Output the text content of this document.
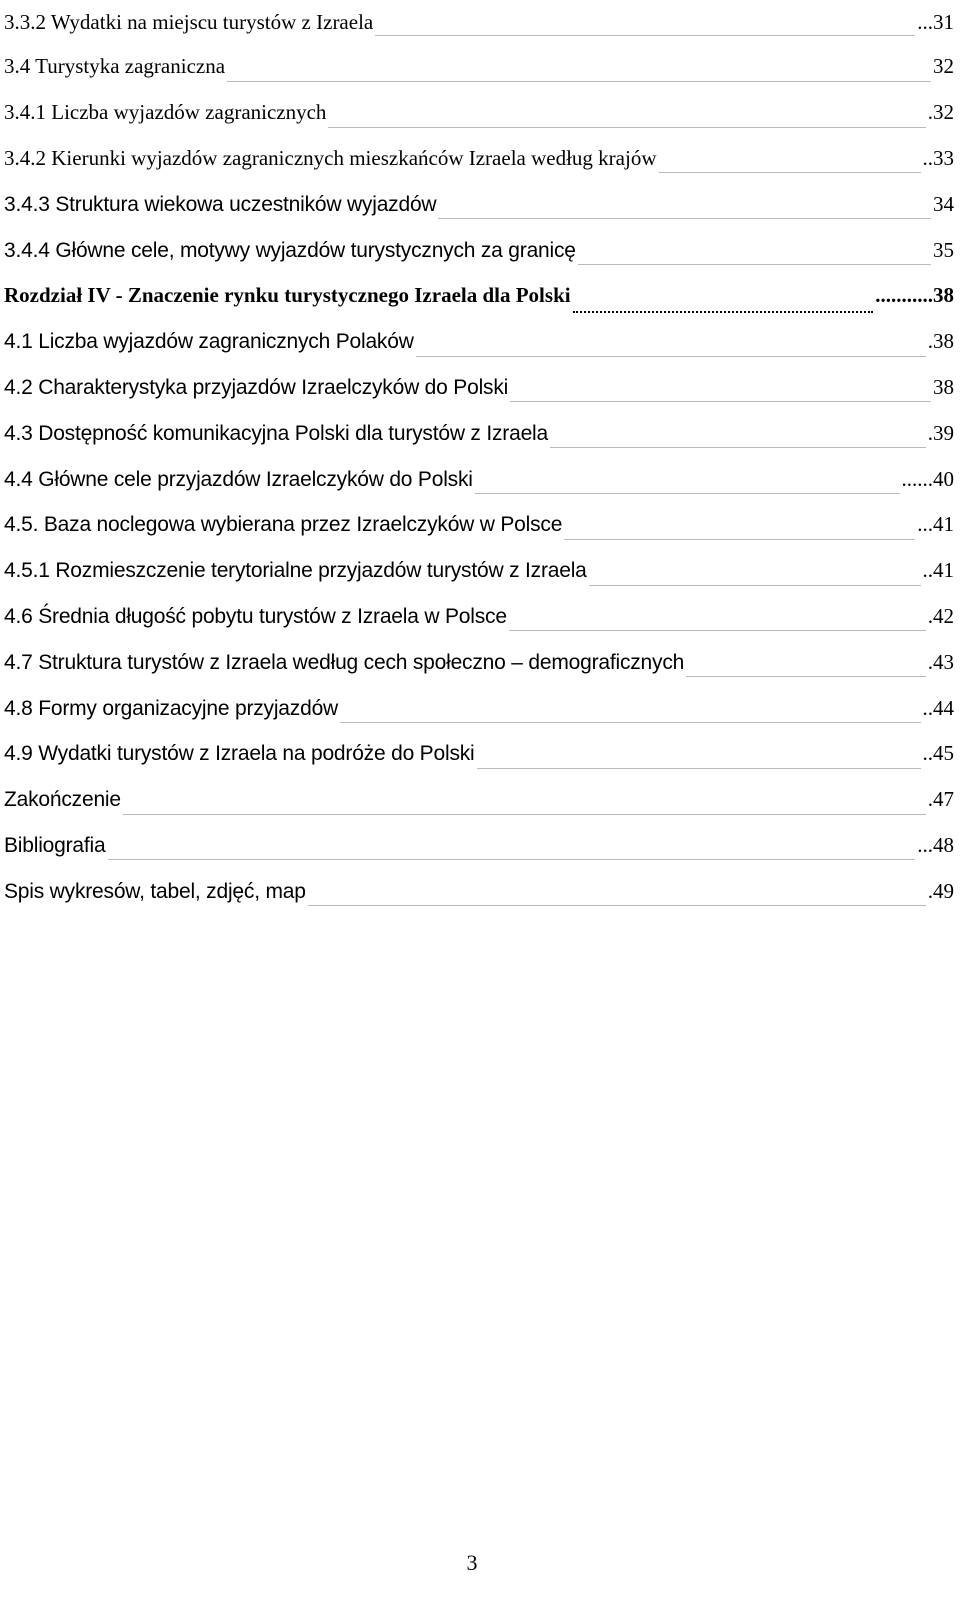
3.3.2 Wydatki na miejscu turystów z Izraela	...31
3.4 Turystyka zagraniczna	32
3.4.1 Liczba wyjazdów zagranicznych	.32
3.4.2 Kierunki wyjazdów zagranicznych mieszkańców Izraela według krajów	..33
3.4.3 Struktura wiekowa uczestników wyjazdów	34
3.4.4 Główne cele, motywy wyjazdów turystycznych za granicę	35
Rozdział IV - Znaczenie rynku turystycznego Izraela dla Polski	...........38
4.1 Liczba wyjazdów zagranicznych Polaków	.38
4.2 Charakterystyka przyjazdów Izraelczyków do Polski	38
4.3 Dostępność komunikacyjna Polski dla turystów z Izraela	.39
4.4 Główne cele przyjazdów Izraelczyków do Polski	......40
4.5. Baza noclegowa wybierana przez Izraelczyków w Polsce	...41
4.5.1 Rozmieszczenie terytorialne przyjazdów turystów z Izraela	..41
4.6 Średnia długość pobytu turystów z Izraela w Polsce	.42
4.7 Struktura turystów z Izraela według cech społeczno – demograficznych	.43
4.8 Formy organizacyjne przyjazdów	..44
4.9 Wydatki turystów z Izraela na podróże do Polski	..45
Zakończenie	.47
Bibliografia	...48
Spis wykresów, tabel, zdjęć, map	.49
3
